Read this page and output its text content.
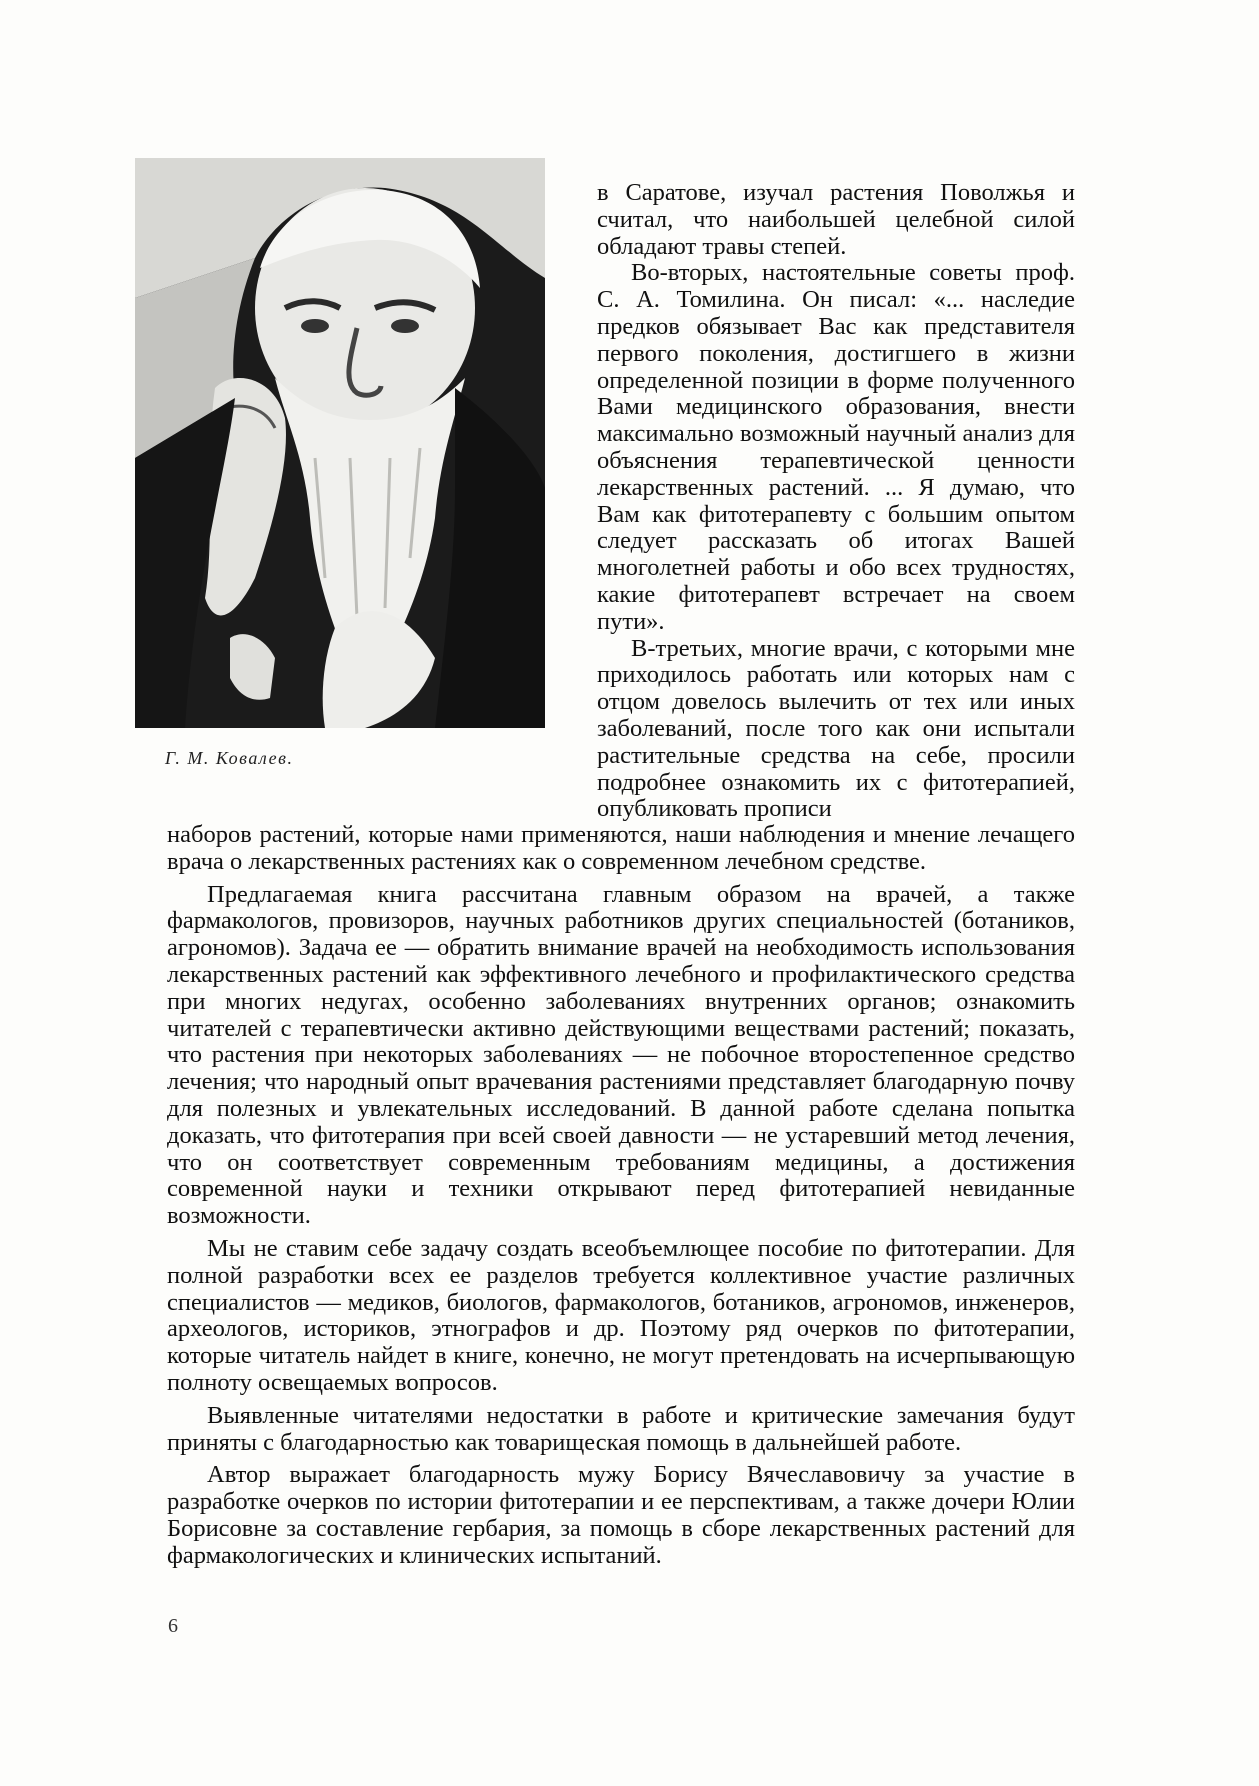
Г. М. Ковалев.

в Саратове, изучал растения Поволжья и считал, что наибольшей целебной силой обладают травы степей.

Во-вторых, настоятельные советы проф. С. А. Томилина. Он писал: «... наследие предков обязывает Вас как представителя первого поколения, достигшего в жизни определенной позиции в форме полученного Вами медицинского образования, внести максимально возможный научный анализ для объяснения терапевтической ценности лекарственных растений. ... Я думаю, что Вам как фитотерапевту с большим опытом следует рассказать об итогах Вашей многолетней работы и обо всех трудностях, какие фитотерапевт встречает на своем пути».

В-третьих, многие врачи, с которыми мне приходилось работать или которых нам с отцом довелось вылечить от тех или иных заболеваний, после того как они испытали растительные средства на себе, просили подробнее ознакомить их с фитотерапией, опубликовать прописи

наборов растений, которые нами применяются, наши наблюдения и мнение лечащего врача о лекарственных растениях как о современном лечебном средстве.

Предлагаемая книга рассчитана главным образом на врачей, а также фармакологов, провизоров, научных работников других специальностей (ботаников, агрономов). Задача ее — обратить внимание врачей на необходимость использования лекарственных растений как эффективного лечебного и профилактического средства при многих недугах, особенно заболеваниях внутренних органов; ознакомить читателей с терапевтически активно действующими веществами растений; показать, что растения при некоторых заболеваниях — не побочное второстепенное средство лечения; что народный опыт врачевания растениями представляет благодарную почву для полезных и увлекательных исследований. В данной работе сделана попытка доказать, что фитотерапия при всей своей давности — не устаревший метод лечения, что он соответствует современным требованиям медицины, а достижения современной науки и техники открывают перед фитотерапией невиданные возможности.

Мы не ставим себе задачу создать всеобъемлющее пособие по фитотерапии. Для полной разработки всех ее разделов требуется коллективное участие различных специалистов — медиков, биологов, фармакологов, ботаников, агрономов, инженеров, археологов, историков, этнографов и др. Поэтому ряд очерков по фитотерапии, которые читатель найдет в книге, конечно, не могут претендовать на исчерпывающую полноту освещаемых вопросов.

Выявленные читателями недостатки в работе и критические замечания будут приняты с благодарностью как товарищеская помощь в дальнейшей работе.

Автор выражает благодарность мужу Борису Вячеславовичу за участие в разработке очерков по истории фитотерапии и ее перспективам, а также дочери Юлии Борисовне за составление гербария, за помощь в сборе лекарственных растений для фармакологических и клинических испытаний.

6
